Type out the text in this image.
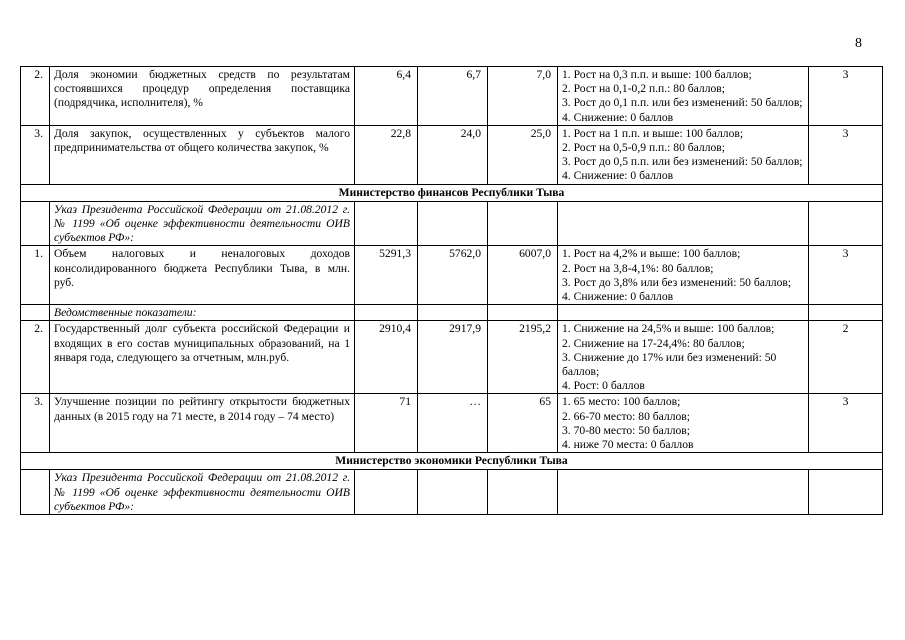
8
2.	Доля экономии бюджетных средств по результатам состоявшихся процедур определения поставщика (подрядчика, исполнителя), %	6,4	6,7	7,0	1. Рост на 0,3 п.п. и выше: 100 баллов;
2. Рост на 0,1-0,2 п.п.: 80 баллов;
3. Рост до 0,1 п.п. или без изменений: 50 баллов;
4. Снижение: 0 баллов	3
3.	Доля закупок, осуществленных у субъектов малого предпринимательства от общего количества закупок, %	22,8	24,0	25,0	1. Рост на 1 п.п. и выше: 100 баллов;
2. Рост на 0,5-0,9 п.п.: 80 баллов;
3. Рост до 0,5 п.п. или без изменений: 50 баллов;
4. Снижение: 0 баллов	3
Министерство финансов Республики Тыва						
	Указ Президента Российской Федерации от 21.08.2012 г. № 1199 «Об оценке эффективности деятельности ОИВ субъектов РФ»:					
1.	Объем налоговых и неналоговых доходов консолидированного бюджета Республики Тыва, в млн. руб.	5291,3	5762,0	6007,0	1. Рост на 4,2% и выше: 100 баллов;
2. Рост на 3,8-4,1%: 80 баллов;
3. Рост до 3,8% или без изменений: 50 баллов;
4. Снижение: 0 баллов	3
	Ведомственные показатели:					
2.	Государственный долг субъекта российской Федерации и входящих в его состав муниципальных образований, на 1 января года, следующего за отчетным, млн.руб.	2910,4	2917,9	2195,2	1. Снижение на 24,5% и выше: 100 баллов;
2. Снижение на 17-24,4%: 80 баллов;
3. Снижение до 17% или без изменений: 50 баллов;
4. Рост: 0 баллов	2
3.	Улучшение позиции по рейтингу открытости бюджетных данных (в 2015 году на 71 месте, в 2014 году – 74 место)	71	…	65	1. 65 место: 100 баллов;
2. 66-70 место: 80 баллов;
3. 70-80 место: 50 баллов;
4. ниже 70 места: 0 баллов	3
Министерство экономики Республики Тыва						
	Указ Президента Российской Федерации от 21.08.2012 г. № 1199 «Об оценке эффективности деятельности ОИВ субъектов РФ»:					
